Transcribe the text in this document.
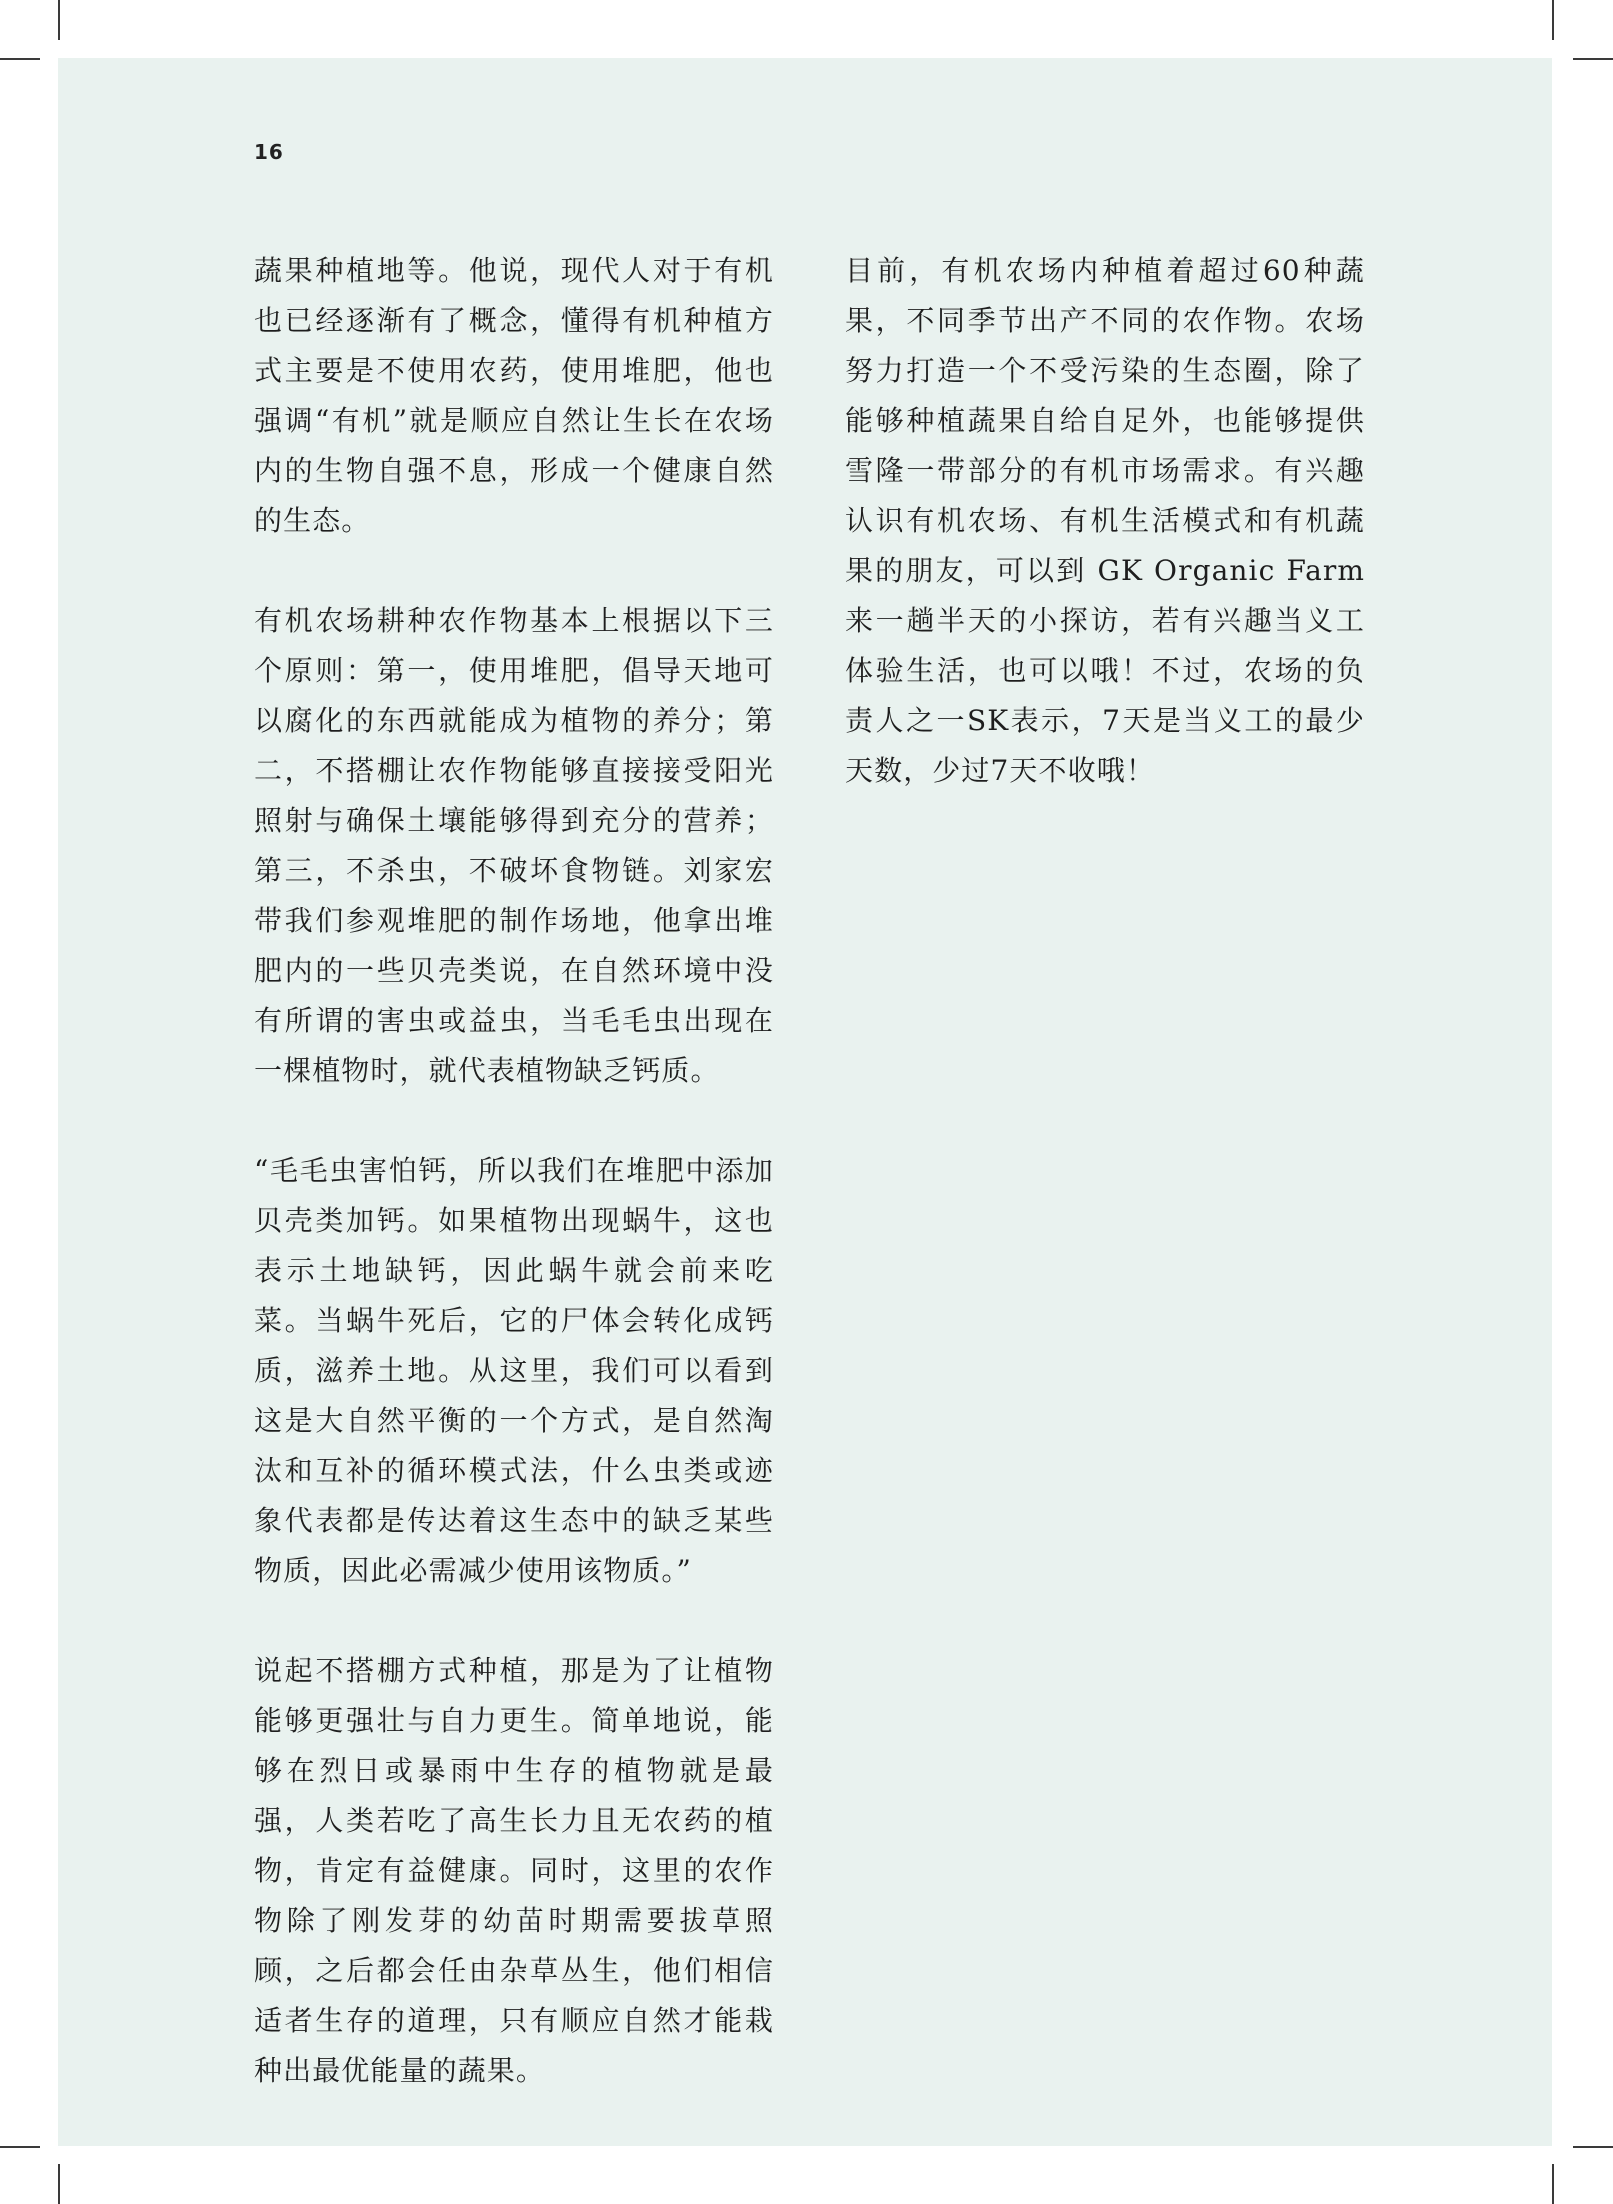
16

蔬果种植地等。他说，现代人对于有机也已经逐渐有了概念，懂得有机种植方式主要是不使用农药，使用堆肥，他也强调“有机”就是顺应自然让生长在农场内的生物自强不息，形成一个健康自然的生态。

有机农场耕种农作物基本上根据以下三个原则：第一，使用堆肥，倡导天地可以腐化的东西就能成为植物的养分；第二，不搭棚让农作物能够直接接受阳光照射与确保土壤能够得到充分的营养；第三，不杀虫，不破坏食物链。刘家宏带我们参观堆肥的制作场地，他拿出堆肥内的一些贝壳类说，在自然环境中没有所谓的害虫或益虫，当毛毛虫出现在一棵植物时，就代表植物缺乏钙质。

“毛毛虫害怕钙，所以我们在堆肥中添加贝壳类加钙。如果植物出现蜗牛，这也表示土地缺钙，因此蜗牛就会前来吃菜。当蜗牛死后，它的尸体会转化成钙质，滋养土地。从这里，我们可以看到这是大自然平衡的一个方式，是自然淘汰和互补的循环模式法，什么虫类或迹象代表都是传达着这生态中的缺乏某些物质，因此必需减少使用该物质。”

说起不搭棚方式种植，那是为了让植物能够更强壮与自力更生。简单地说，能够在烈日或暴雨中生存的植物就是最强，人类若吃了高生长力且无农药的植物，肯定有益健康。同时，这里的农作物除了刚发芽的幼苗时期需要拔草照顾，之后都会任由杂草丛生，他们相信适者生存的道理，只有顺应自然才能栽种出最优能量的蔬果。

目前，有机农场内种植着超过60种蔬果，不同季节出产不同的农作物。农场努力打造一个不受污染的生态圈，除了能够种植蔬果自给自足外，也能够提供雪隆一带部分的有机市场需求。有兴趣认识有机农场、有机生活模式和有机蔬果的朋友，可以到 GK Organic Farm 来一趟半天的小探访，若有兴趣当义工体验生活，也可以哦！不过，农场的负责人之一SK表示，7天是当义工的最少天数，少过7天不收哦！
